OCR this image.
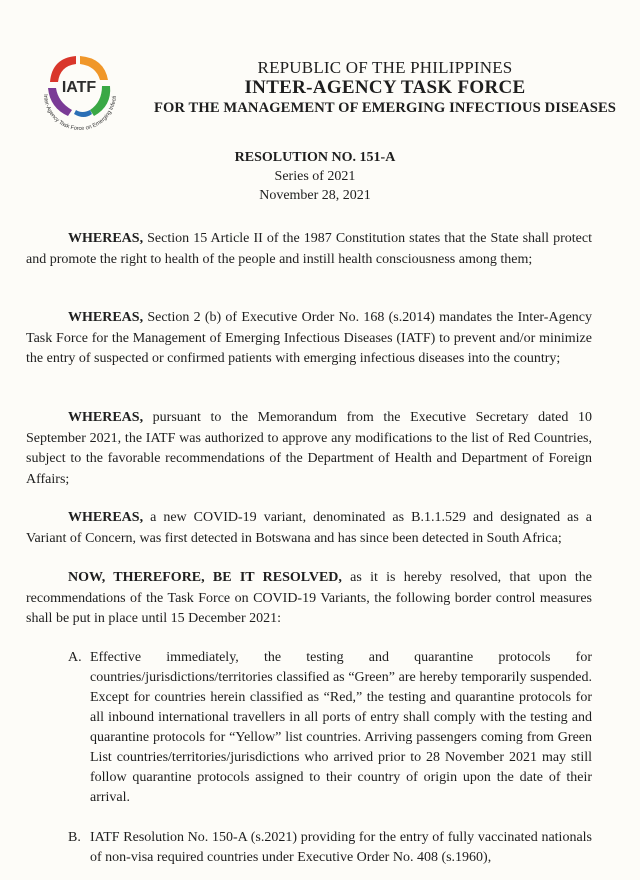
IATF
Inter-Agency Task Force on Emerging Infecti
REPUBLIC OF THE PHILIPPINES
INTER-AGENCY TASK FORCE
FOR THE MANAGEMENT OF EMERGING INFECTIOUS DISEASES
RESOLUTION NO. 151-A
Series of 2021
November 28, 2021

WHEREAS, Section 15 Article II of the 1987 Constitution states that the State shall protect and promote the right to health of the people and instill health consciousness among them;

WHEREAS, Section 2 (b) of Executive Order No. 168 (s.2014) mandates the Inter-Agency Task Force for the Management of Emerging Infectious Diseases (IATF) to prevent and/or minimize the entry of suspected or confirmed patients with emerging infectious diseases into the country;

WHEREAS, pursuant to the Memorandum from the Executive Secretary dated 10 September 2021, the IATF was authorized to approve any modifications to the list of Red Countries, subject to the favorable recommendations of the Department of Health and Department of Foreign Affairs;

WHEREAS, a new COVID-19 variant, denominated as B.1.1.529 and designated as a Variant of Concern, was first detected in Botswana and has since been detected in South Africa;

NOW, THEREFORE, BE IT RESOLVED, as it is hereby resolved, that upon the recommendations of the Task Force on COVID-19 Variants, the following border control measures shall be put in place until 15 December 2021:

A. Effective immediately, the testing and quarantine protocols for countries/jurisdictions/territories classified as “Green” are hereby temporarily suspended. Except for countries herein classified as “Red,” the testing and quarantine protocols for all inbound international travellers in all ports of entry shall comply with the testing and quarantine protocols for “Yellow” list countries. Arriving passengers coming from Green List countries/territories/jurisdictions who arrived prior to 28 November 2021 may still follow quarantine protocols assigned to their country of origin upon the date of their arrival.
B. IATF Resolution No. 150-A (s.2021) providing for the entry of fully vaccinated nationals of non-visa required countries under Executive Order No. 408 (s.1960),
